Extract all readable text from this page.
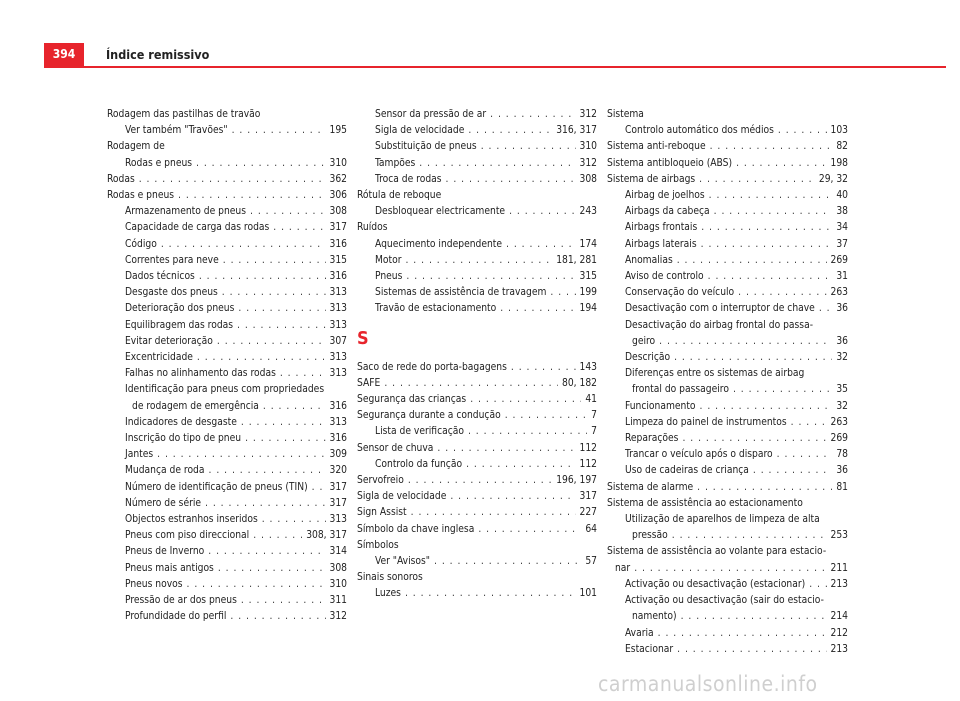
394	Índice remissivo
Rodagem das pastilhas de travão
Ver também "Travões" . . .	195
Rodagem de
Rodas e pneus . . .	310
Rodas . . .	362
Rodas e pneus . . .	306
Armazenamento de pneus . . .	308
Capacidade de carga das rodas . . .	317
Código . . .	316
Correntes para neve . . .	315
Dados técnicos . . .	316
Desgaste dos pneus . . .	313
Deterioração dos pneus . . .	313
Equilibragem das rodas . . .	313
Evitar deterioração . . .	307
Excentricidade . . .	313
Falhas no alinhamento das rodas . . .	313
Identificação para pneus com propriedades
de rodagem de emergência . . .	316
Indicadores de desgaste . . .	313
Inscrição do tipo de pneu . . .	316
Jantes . . .	309
Mudança de roda . . .	320
Número de identificação de pneus (TIN) . . . 317
Número de série . . .	317
Objectos estranhos inseridos . . .	313
Pneus com piso direccional . . .	308, 317
Pneus de Inverno . . .	314
Pneus mais antigos . . .	308
Pneus novos . . .	310
Pressão de ar dos pneus . . .	311
Profundidade do perfil . . .	312
Sensor da pressão de ar . . .	312
Sigla de velocidade . . .	316, 317
Substituição de pneus . . .	310
Tampões . . .	312
Troca de rodas . . .	308
Rótula de reboque
Desbloquear electricamente . . .	243
Ruídos
Aquecimento independente . . .	174
Motor . . .	181, 281
Pneus . . .	315
Sistemas de assistência de travagem . . .	199
Travão de estacionamento . . .	194
S
Saco de rede do porta-bagagens . . .	143
SAFE . . .	80, 182
Segurança das crianças . . .	41
Segurança durante a condução . . .	7
Lista de verificação . . .	7
Sensor de chuva . . .	112
Controlo da função . . .	112
Servofreio . . .	196, 197
Sigla de velocidade . . .	317
Sign Assist . . .	227
Símbolo da chave inglesa . . .	64
Símbolos
Ver "Avisos" . . .	57
Sinais sonoros
Luzes . . .	101
Sistema
Controlo automático dos médios . . .	103
Sistema anti-reboque . . .	82
Sistema antibloqueio (ABS) . . .	198
Sistema de airbags . . .	29, 32
Airbag de joelhos . . .	40
Airbags da cabeça . . .	38
Airbags frontais . . .	34
Airbags laterais . . .	37
Anomalias . . .	269
Aviso de controlo . . .	31
Conservação do veículo . . .	263
Desactivação com o interruptor de chave . . . 36
Desactivação do airbag frontal do passa-
geiro . . .	36
Descrição . . .	32
Diferenças entre os sistemas de airbag
frontal do passageiro . . .	35
Funcionamento . . .	32
Limpeza do painel de instrumentos . . .	263
Reparações . . .	269
Trancar o veículo após o disparo . . .	78
Uso de cadeiras de criança . . .	36
Sistema de alarme . . .	81
Sistema de assistência ao estacionamento
Utilização de aparelhos de limpeza de alta
pressão . . .	253
Sistema de assistência ao volante para estacio-
nar . . .	211
Activação ou desactivação (estacionar) . . . 213
Activação ou desactivação (sair do estacio-
namento) . . .	214
Avaria . . .	212
Estacionar . . .	213
carmanualsonline.info
